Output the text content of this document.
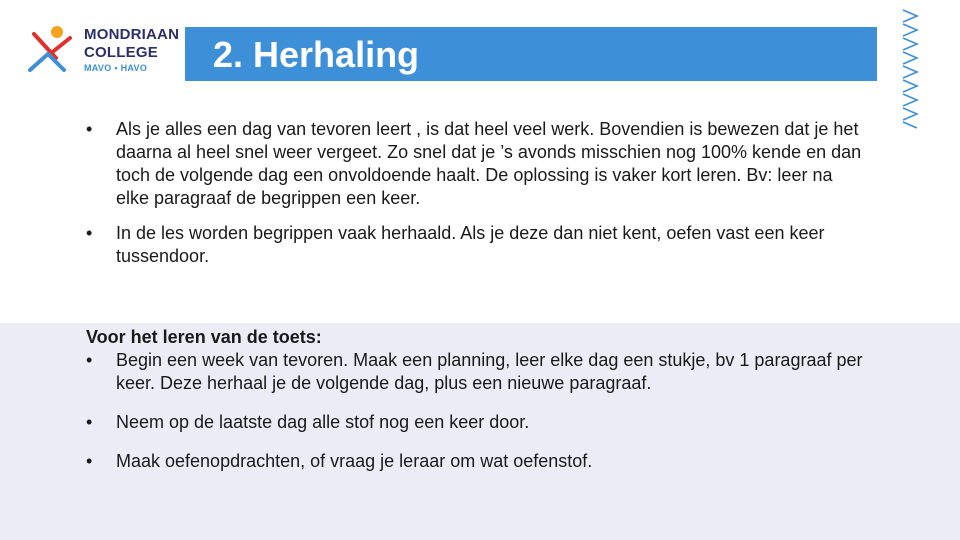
MONDRIAAN
COLLEGE
MAVO • HAVO	2. Herhaling
•	Als je alles een dag van tevoren leert , is dat heel veel werk. Bovendien is bewezen dat je het daarna al heel snel weer vergeet. Zo snel dat je ’s avonds misschien nog 100% kende en dan toch de volgende dag een onvoldoende haalt. De oplossing is vaker kort leren. Bv: leer na elke paragraaf de begrippen een keer.
•	In de les worden begrippen vaak herhaald. Als je deze dan niet kent, oefen vast een keer tussendoor.
Voor het leren van de toets:
•	Begin een week van tevoren. Maak een planning, leer elke dag een stukje, bv 1 paragraaf per keer. Deze herhaal je de volgende dag, plus een nieuwe paragraaf.
•	Neem op de laatste dag alle stof nog een keer door.
•	Maak oefenopdrachten, of vraag je leraar om wat oefenstof.
